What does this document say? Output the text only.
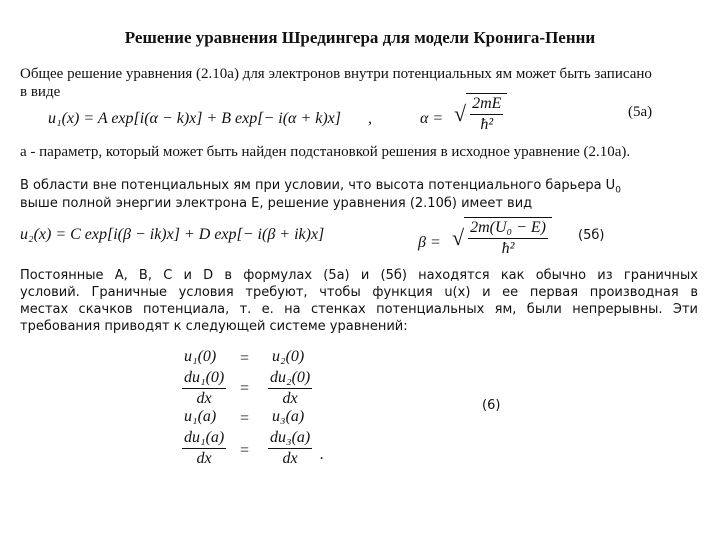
Решение уравнения Шредингера для модели Кронига-Пенни
Общее решение уравнения (2.10а) для электронов внутри потенциальных ям может быть записано
в виде
u₁(x) = A exp[i(α − k)x] + B exp[− i(α + k)x] ,	α = √ $\frac{2mE}{\text{ħ²}}$	(5а)
а - параметр, который может быть найден подстановкой решения в исходное уравнение (2.10а).
В области вне потенциальных ям при условии, что высота потенциального барьера $U_0$
выше полной энергии электрона E, решение уравнения (2.10б) имеет вид
u₂(x) = C exp[i(β − ik)x] + D exp[− i(β + ik)x]	β = √ $\frac{\text{2m(U₀ − E)}}{\text{ħ²}} (5б)$
Постоянные A, B, C и D в формулах (5а) и (5б) находятся как обычно из граничных
условий. Граничные условия требуют, чтобы функция u(x) и ее первая производная в
местах скачков потенциала, т. е. на стенках потенциальных ям, были непрерывны. Эти
требования приводят к следующей системе уравнений:
u₁(0) = u₂(0)
$\frac{\text{du₁(0)}}{dx} = \frac{\text{du₂(0)}}{dx}$
u₁(a) = u₃(a)
$\frac{\text{du₁(a)}}{dx} = \frac{\text{du₃(a)}}{dx}$ .
(6)
